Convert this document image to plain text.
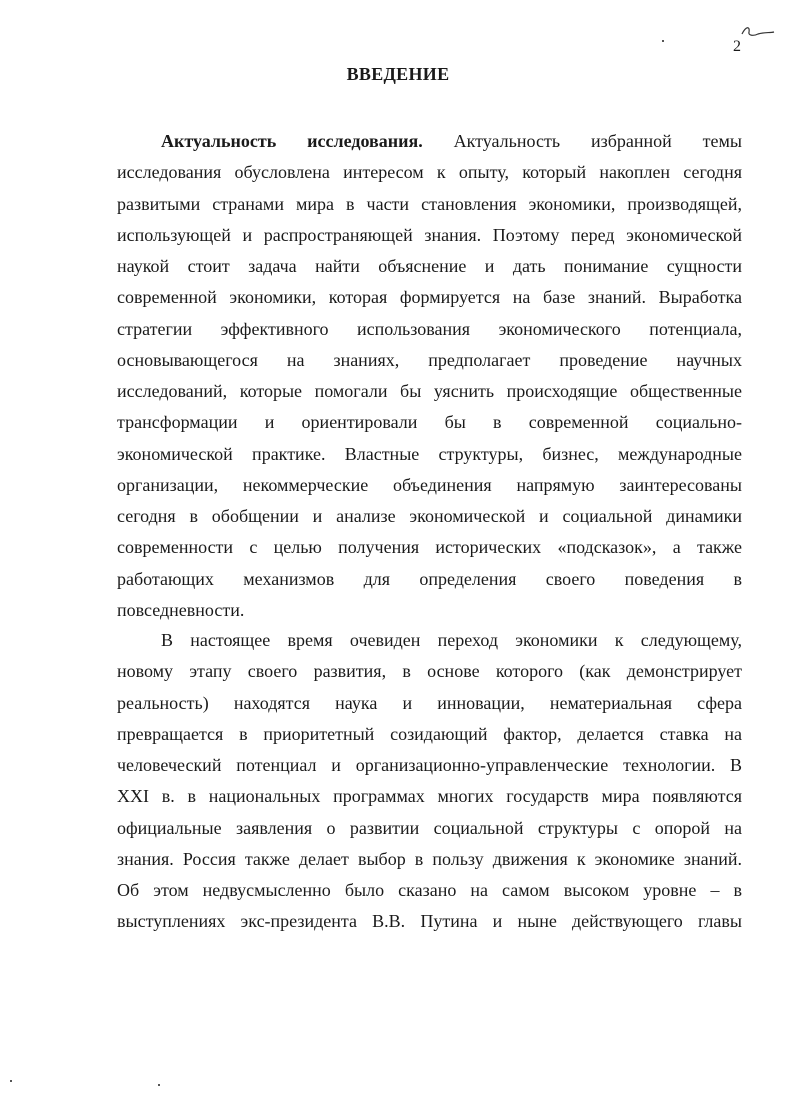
2
ВВЕДЕНИЕ
Актуальность исследования. Актуальность избранной темы
исследования обусловлена интересом к опыту, который накоплен сегодня
развитыми странами мира в части становления экономики, производящей,
использующей и распространяющей знания. Поэтому перед экономической
наукой стоит задача найти объяснение и дать понимание сущности
современной экономики, которая формируется на базе знаний. Выработка
стратегии эффективного использования экономического потенциала,
основывающегося на знаниях, предполагает проведение научных
исследований, которые помогали бы уяснить происходящие общественные
трансформации и ориентировали бы в современной социально-
экономической практике. Властные структуры, бизнес, международные
организации, некоммерческие объединения напрямую заинтересованы
сегодня в обобщении и анализе экономической и социальной динамики
современности с целью получения исторических «подсказок», а также
работающих механизмов для определения своего поведения в
повседневности.
В настоящее время очевиден переход экономики к следующему,
новому этапу своего развития, в основе которого (как демонстрирует
реальность) находятся наука и инновации, нематериальная сфера
превращается в приоритетный созидающий фактор, делается ставка на
человеческий потенциал и организационно-управленческие технологии. В
XXI в. в национальных программах многих государств мира появляются
официальные заявления о развитии социальной структуры с опорой на
знания. Россия также делает выбор в пользу движения к экономике знаний.
Об этом недвусмысленно было сказано на самом высоком уровне – в
выступлениях экс-президента В.В. Путина и ныне действующего главы
